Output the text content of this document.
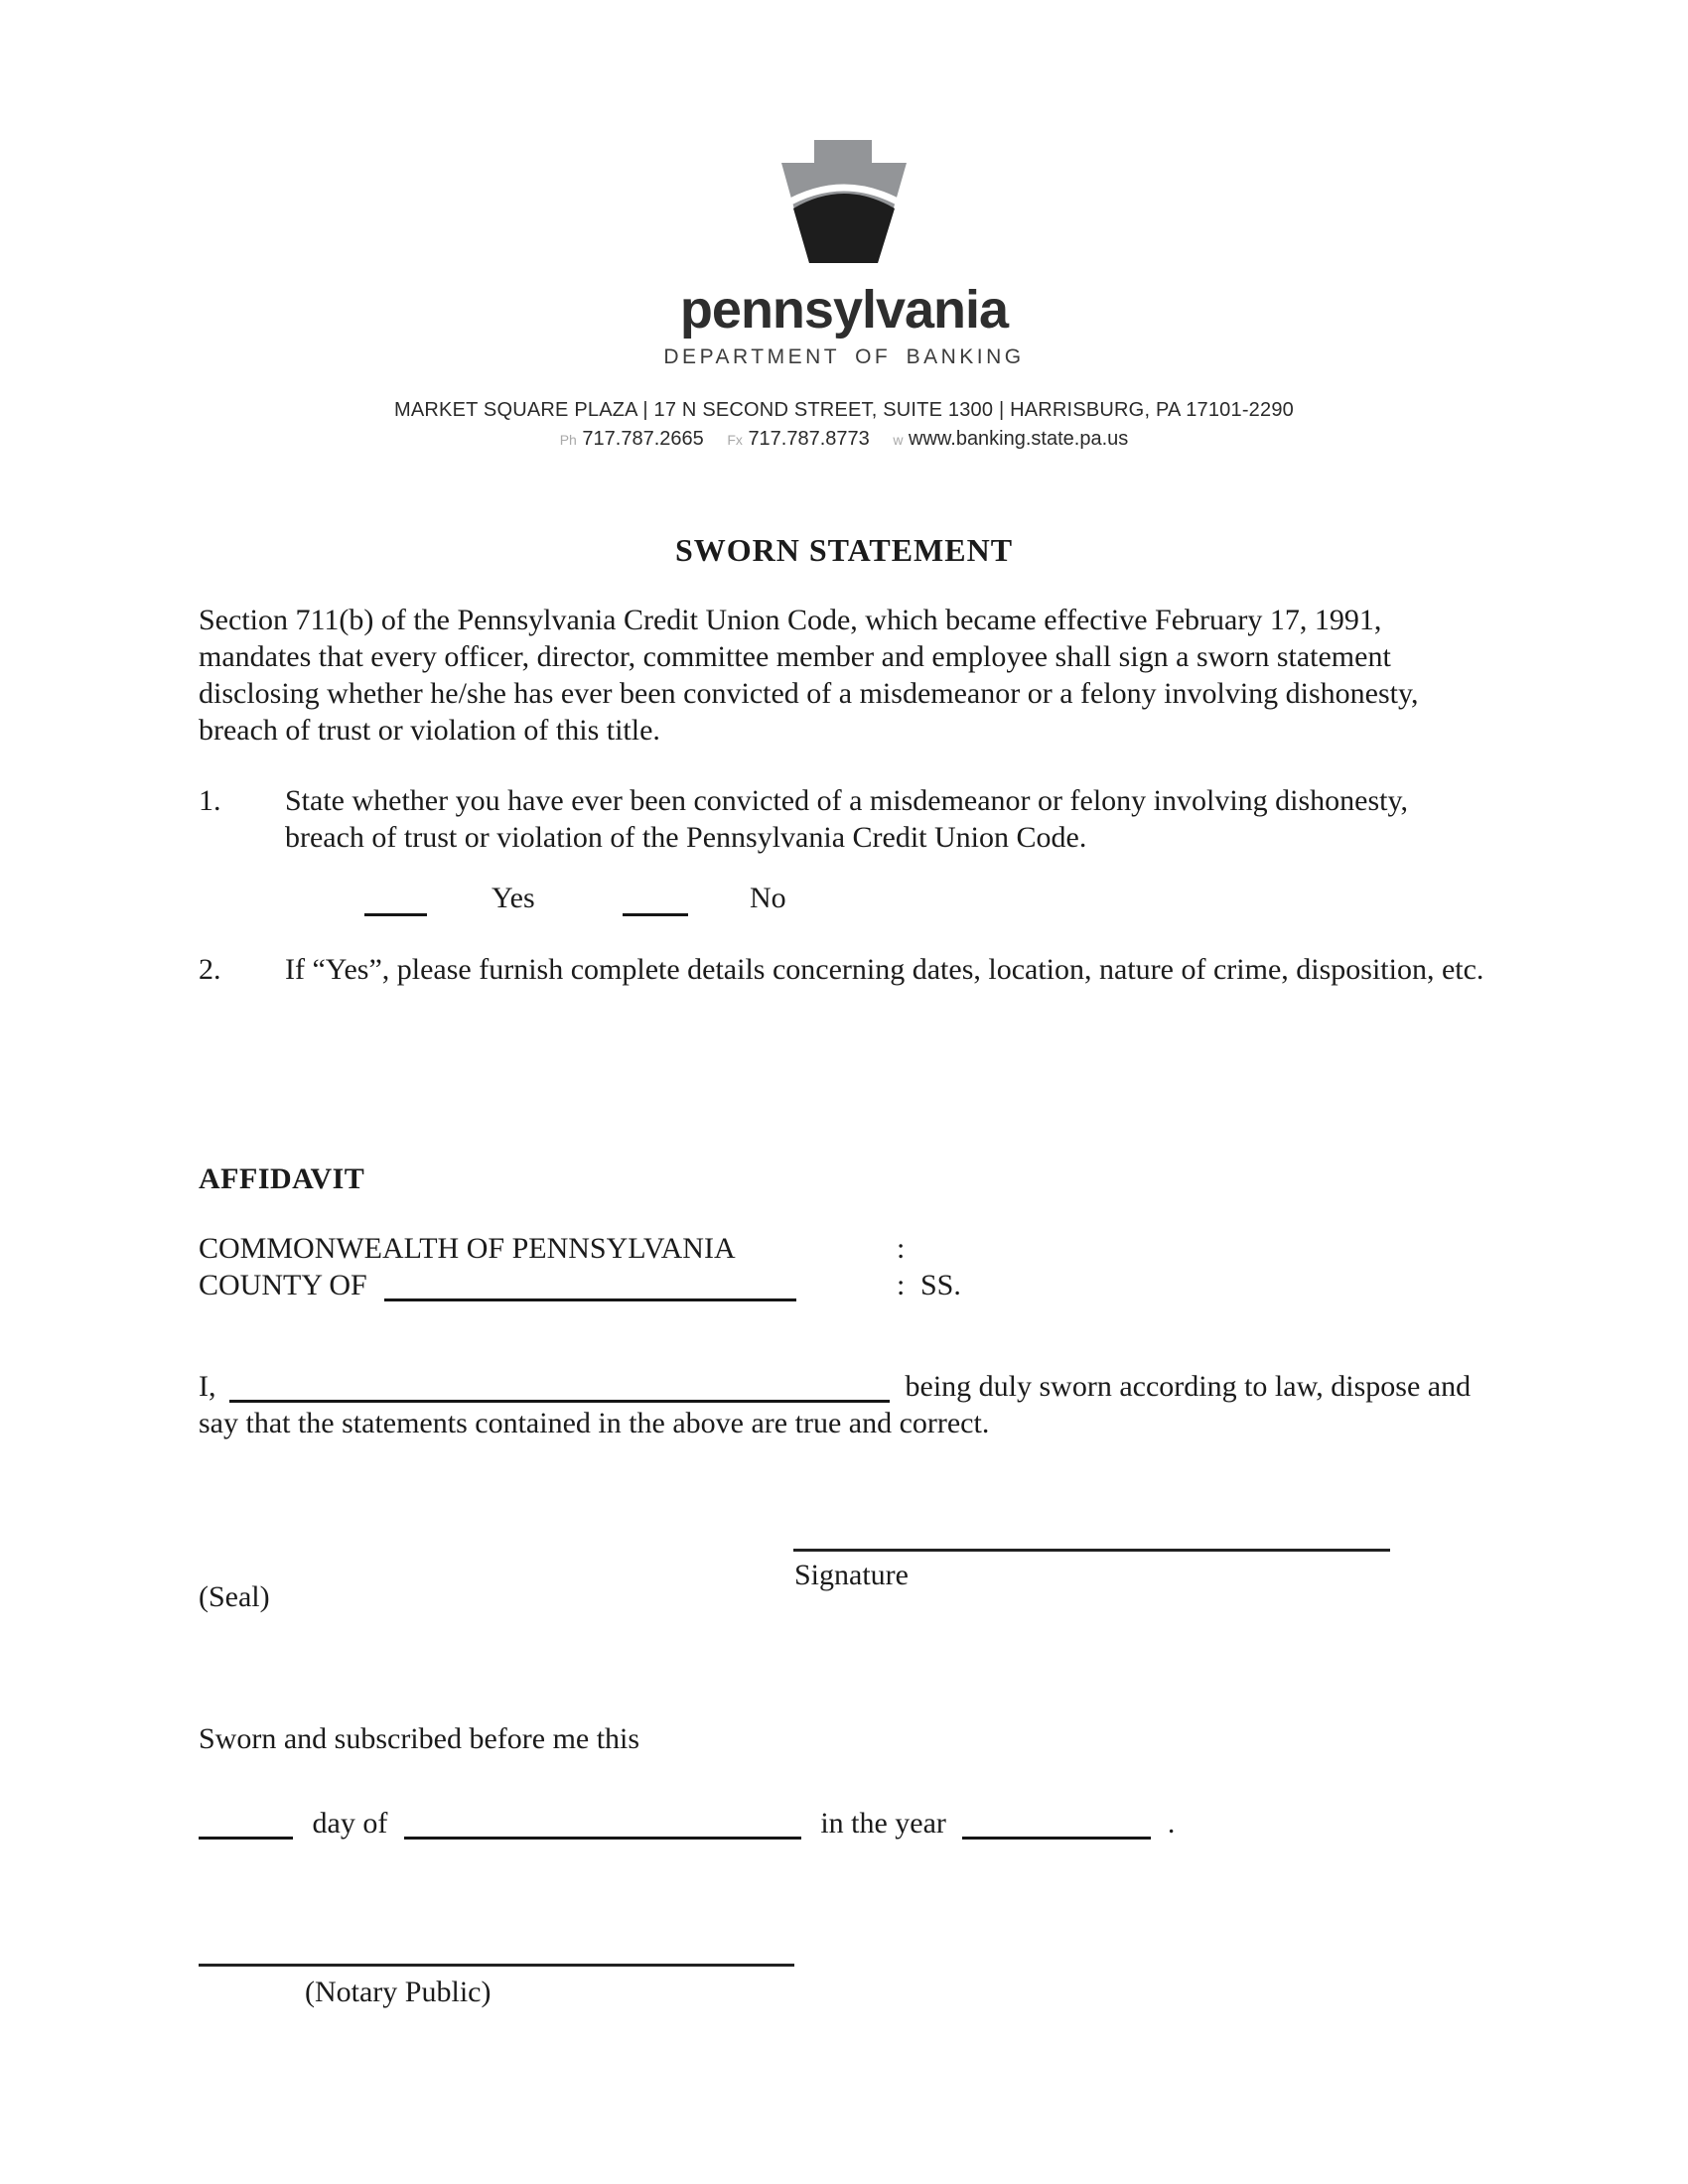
pennsylvania
DEPARTMENT OF BANKING
MARKET SQUARE PLAZA | 17 N SECOND STREET, SUITE 1300 | HARRISBURG, PA 17101-2290
Ph 717.787.2665 Fx 717.787.8773 w www.banking.state.pa.us
SWORN STATEMENT
Section 711(b) of the Pennsylvania Credit Union Code, which became effective February 17, 1991, mandates that every officer, director, committee member and employee shall sign a sworn statement disclosing whether he/she has ever been convicted of a misdemeanor or a felony involving dishonesty, breach of trust or violation of this title.
1. State whether you have ever been convicted of a misdemeanor or felony involving dishonesty, breach of trust or violation of the Pennsylvania Credit Union Code.
Yes	No
2. If “Yes”, please furnish complete details concerning dates, location, nature of crime, disposition, etc.
AFFIDAVIT
COMMONWEALTH OF PENNSYLVANIA	:
COUNTY OF	: SS.
I,	being duly sworn according to law, dispose and say that the statements contained in the above are true and correct.
Signature
(Seal)
Sworn and subscribed before me this
day of	in the year	.
(Notary Public)
